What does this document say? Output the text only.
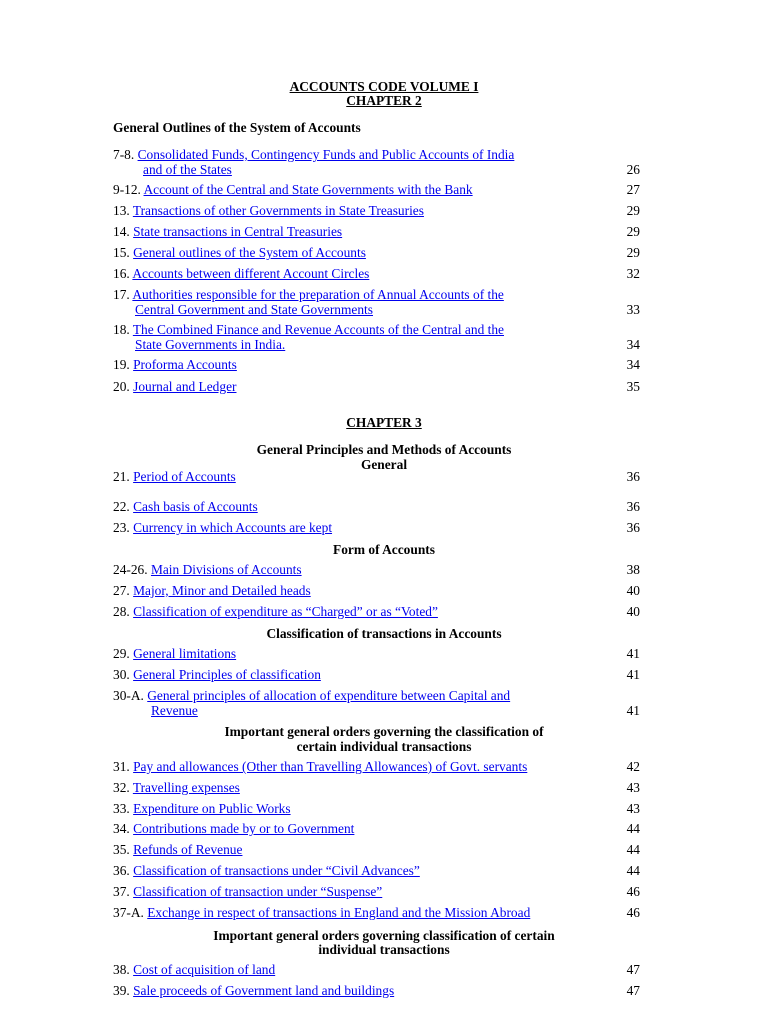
ACCOUNTS CODE VOLUME I
CHAPTER 2
General Outlines of the System of Accounts
7-8. Consolidated Funds, Contingency Funds and Public Accounts of India
and of the States	26
9-12. Account of the Central and State Governments with the Bank	27
13. Transactions of other Governments in State Treasuries	29
14. State transactions in Central Treasuries	29
15. General outlines of the System of Accounts	29
16. Accounts between different Account Circles	32
17. Authorities responsible for the preparation of Annual Accounts of the
Central Government and State Governments	33
18. The Combined Finance and Revenue Accounts of the Central and the
State Governments in India.	34
19. Proforma Accounts	34
20. Journal and Ledger	35
CHAPTER 3
General Principles and Methods of Accounts
General
21. Period of Accounts	36
22. Cash basis of Accounts	36
23. Currency in which Accounts are kept	36
Form of Accounts
24-26. Main Divisions of Accounts	38
27. Major, Minor and Detailed heads	40
28. Classification of expenditure as “Charged” or as “Voted”	40
Classification of transactions in Accounts
29. General limitations	41
30. General Principles of classification	41
30-A. General principles of allocation of expenditure between Capital and
Revenue	41
Important general orders governing the classification of
certain individual transactions
31. Pay and allowances (Other than Travelling Allowances) of Govt. servants	42
32. Travelling expenses	43
33. Expenditure on Public Works	43
34. Contributions made by or to Government	44
35. Refunds of Revenue	44
36. Classification of transactions under “Civil Advances”	44
37. Classification of transaction under “Suspense”	46
37-A. Exchange in respect of transactions in England and the Mission Abroad	46
Important general orders governing classification of certain
individual transactions
38. Cost of acquisition of land	47
39. Sale proceeds of Government land and buildings	47
